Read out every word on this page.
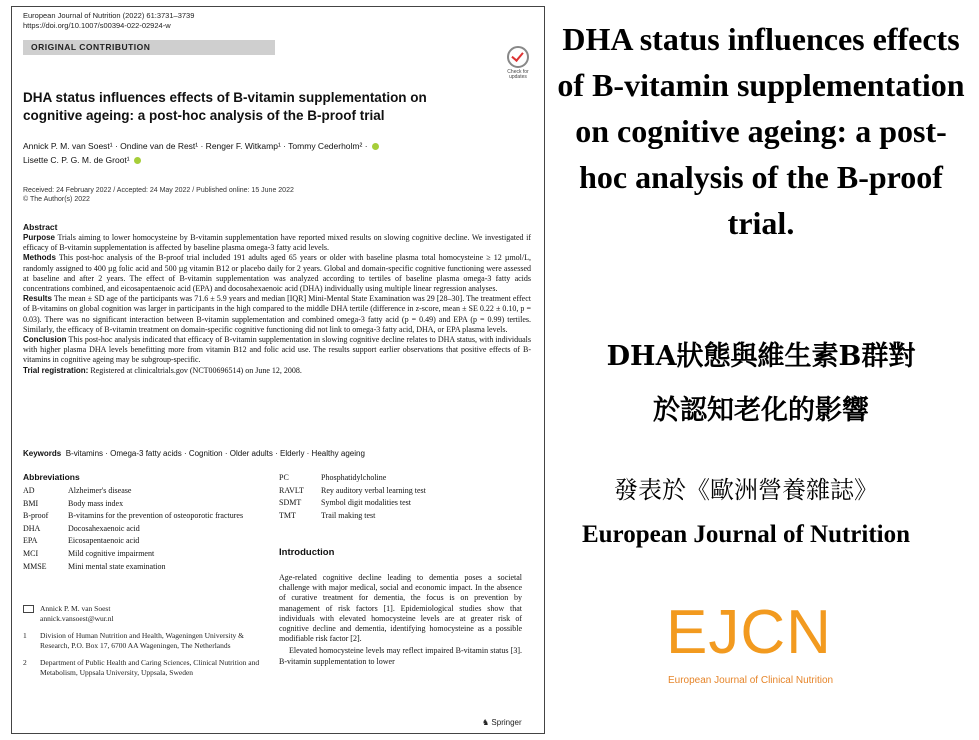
European Journal of Nutrition (2022) 61:3731–3739
https://doi.org/10.1007/s00394-022-02924-w
ORIGINAL CONTRIBUTION
Check for updates
DHA status influences effects of B-vitamin supplementation on cognitive ageing: a post-hoc analysis of the B-proof trial
Annick P. M. van Soest¹ · Ondine van de Rest¹ · Renger F. Witkamp¹ · Tommy Cederholm² ·
Lisette C. P. G. M. de Groot¹
Received: 24 February 2022 / Accepted: 24 May 2022 / Published online: 15 June 2022
© The Author(s) 2022
Abstract
Purpose Trials aiming to lower homocysteine by B-vitamin supplementation have reported mixed results on slowing cognitive decline. We investigated if efficacy of B-vitamin supplementation is affected by baseline plasma omega-3 fatty acid levels.
Methods This post-hoc analysis of the B-proof trial included 191 adults aged 65 years or older with baseline plasma total homocysteine ≥ 12 µmol/L, randomly assigned to 400 µg folic acid and 500 µg vitamin B12 or placebo daily for 2 years. Global and domain-specific cognitive functioning were assessed at baseline and after 2 years. The effect of B-vitamin supplementation was analyzed according to tertiles of baseline plasma omega-3 fatty acids concentrations combined, and eicosapentaenoic acid (EPA) and docosahexaenoic acid (DHA) individually using multiple linear regression analyses.
Results The mean ± SD age of the participants was 71.6 ± 5.9 years and median [IQR] Mini-Mental State Examination was 29 [28–30]. The treatment effect of B-vitamins on global cognition was larger in participants in the high compared to the middle DHA tertile (difference in z-score, mean ± SE 0.22 ± 0.10, p = 0.03). There was no significant interaction between B-vitamin supplementation and combined omega-3 fatty acid (p = 0.49) and EPA (p = 0.99) tertiles. Similarly, the efficacy of B-vitamin treatment on domain-specific cognitive functioning did not link to omega-3 fatty acid, DHA, or EPA plasma levels.
Conclusion This post-hoc analysis indicated that efficacy of B-vitamin supplementation in slowing cognitive decline relates to DHA status, with individuals with higher plasma DHA levels benefitting more from vitamin B12 and folic acid use. The results support earlier observations that positive effects of B-vitamins in cognitive ageing may be subgroup-specific.
Trial registration: Registered at clinicaltrials.gov (NCT00696514) on June 12, 2008.
Keywords B-vitamins · Omega-3 fatty acids · Cognition · Older adults · Elderly · Healthy ageing
Abbreviations
AD	Alzheimer's disease
BMI	Body mass index
B-proof	B-vitamins for the prevention of osteoporotic fractures
DHA	Docosahexaenoic acid
EPA	Eicosapentaenoic acid
MCI	Mild cognitive impairment
MMSE	Mini mental state examination
PC	Phosphatidylcholine
RAVLT	Rey auditory verbal learning test
SDMT	Symbol digit modalities test
TMT	Trail making test
Introduction

Age-related cognitive decline leading to dementia poses a societal challenge with major medical, social and economic impact. In the absence of curative treatment for dementia, the focus is on prevention by management of risk factors [1]. Epidemiological studies show that individuals with elevated homocysteine levels are at greater risk of cognitive decline and dementia, identifying homocysteine as a possible modifiable risk factor [2].

Elevated homocysteine levels may reflect impaired B-vitamin status [3]. B-vitamin supplementation to lower

Annick P. M. van Soest
annick.vansoest@wur.nl
1	Division of Human Nutrition and Health, Wageningen University & Research, P.O. Box 17, 6700 AA Wageningen, The Netherlands
2	Department of Public Health and Caring Sciences, Clinical Nutrition and Metabolism, Uppsala University, Uppsala, Sweden
♞ Springer
DHA status influences effects of B-vitamin supplementation on cognitive ageing: a post-hoc analysis of the B-proof trial.
DHA狀態與維生素B群對
於認知老化的影響
發表於《歐洲營養雜誌》
European Journal of Nutrition
EJCN
European Journal of Clinical Nutrition
